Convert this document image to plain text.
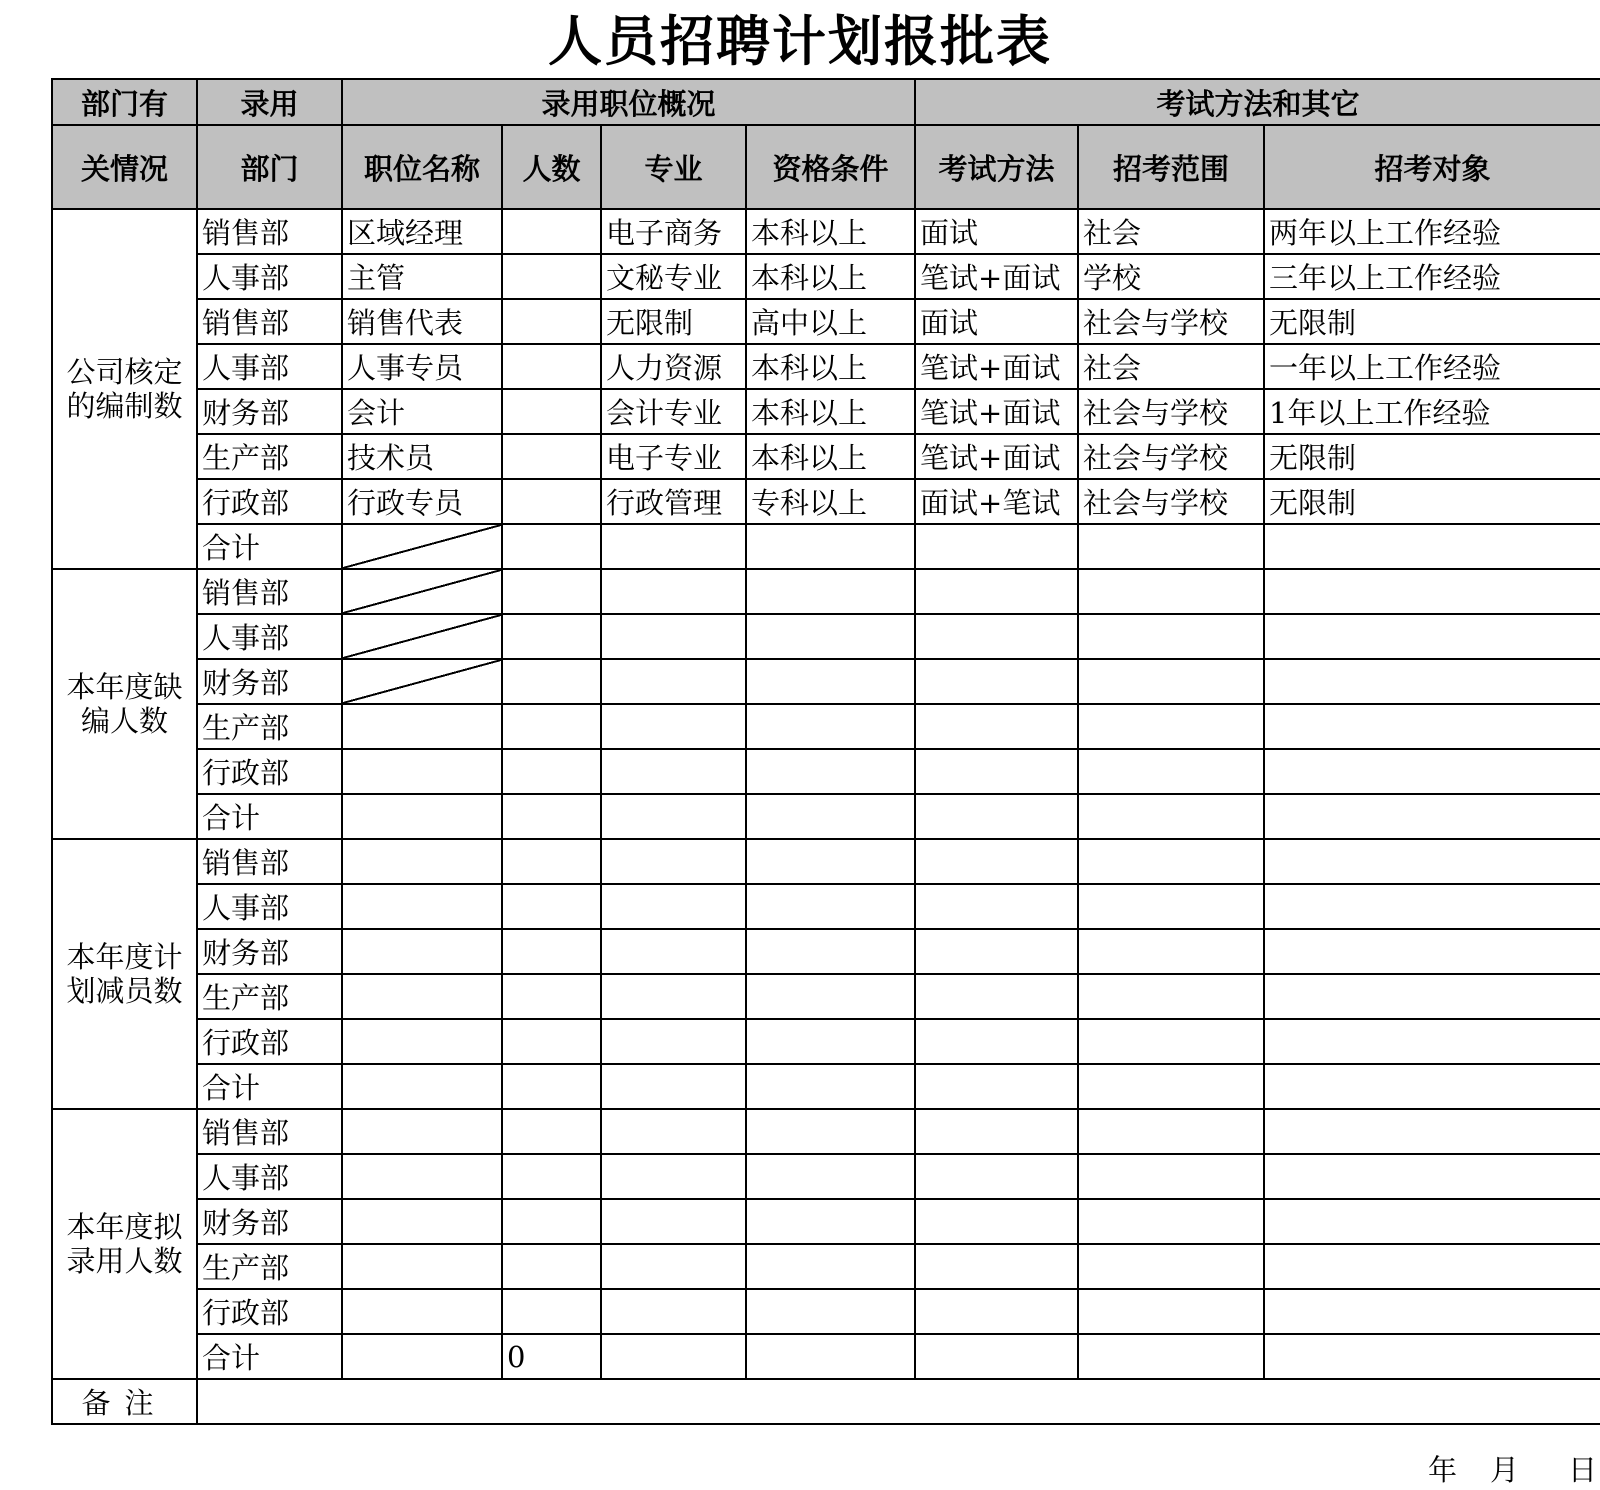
人员招聘计划报批表
部门有	录用	录用职位概况				考试方法和其它		
关情况	部门	职位名称	人数	专业	资格条件	考试方法	招考范围	招考对象
公司核定的编制数	销售部	区域经理		电子商务	本科以上	面试	社会	两年以上工作经验
	人事部	主管		文秘专业	本科以上	笔试+面试	学校	三年以上工作经验
	销售部	销售代表		无限制	高中以上	面试	社会与学校	无限制
	人事部	人事专员		人力资源	本科以上	笔试+面试	社会	一年以上工作经验
	财务部	会计		会计专业	本科以上	笔试+面试	社会与学校	1年以上工作经验
	生产部	技术员		电子专业	本科以上	笔试+面试	社会与学校	无限制
	行政部	行政专员		行政管理	专科以上	面试+笔试	社会与学校	无限制
	合计							
本年度缺编人数	销售部							
	人事部							
	财务部							
	生产部							
	行政部							
	合计							
本年度计划减员数	销售部							
	人事部							
	财务部							
	生产部							
	行政部							
	合计							
本年度拟录用人数	销售部							
	人事部							
	财务部							
	生产部							
	行政部							
	合计		0					
备注								
年 月 日
